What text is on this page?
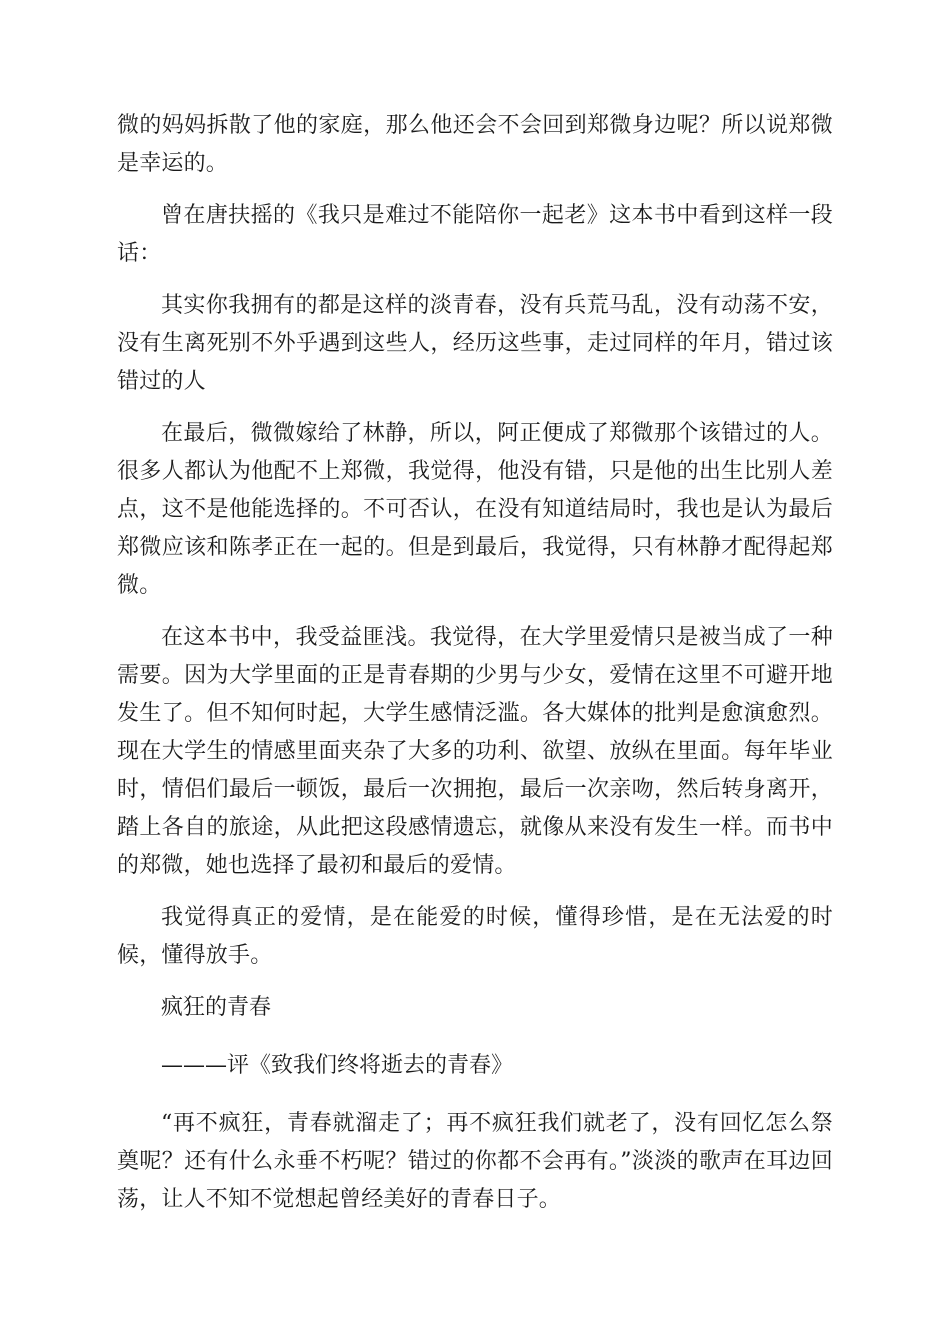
微的妈妈拆散了他的家庭，那么他还会不会回到郑微身边呢？所以说郑微是幸运的。

曾在唐扶摇的《我只是难过不能陪你一起老》这本书中看到这样一段话：

其实你我拥有的都是这样的淡青春，没有兵荒马乱，没有动荡不安，没有生离死别不外乎遇到这些人，经历这些事，走过同样的年月，错过该错过的人

在最后，微微嫁给了林静，所以，阿正便成了郑微那个该错过的人。很多人都认为他配不上郑微，我觉得，他没有错，只是他的出生比别人差点，这不是他能选择的。不可否认，在没有知道结局时，我也是认为最后郑微应该和陈孝正在一起的。但是到最后，我觉得，只有林静才配得起郑微。

在这本书中，我受益匪浅。我觉得，在大学里爱情只是被当成了一种需要。因为大学里面的正是青春期的少男与少女，爱情在这里不可避开地发生了。但不知何时起，大学生感情泛滥。各大媒体的批判是愈演愈烈。现在大学生的情感里面夹杂了大多的功利、欲望、放纵在里面。每年毕业时，情侣们最后一顿饭，最后一次拥抱，最后一次亲吻，然后转身离开，踏上各自的旅途，从此把这段感情遗忘，就像从来没有发生一样。而书中的郑微，她也选择了最初和最后的爱情。

我觉得真正的爱情，是在能爱的时候，懂得珍惜，是在无法爱的时候，懂得放手。

疯狂的青春

———评《致我们终将逝去的青春》

“再不疯狂，青春就溜走了；再不疯狂我们就老了，没有回忆怎么祭奠呢？还有什么永垂不朽呢？错过的你都不会再有。”淡淡的歌声在耳边回荡，让人不知不觉想起曾经美好的青春日子。
